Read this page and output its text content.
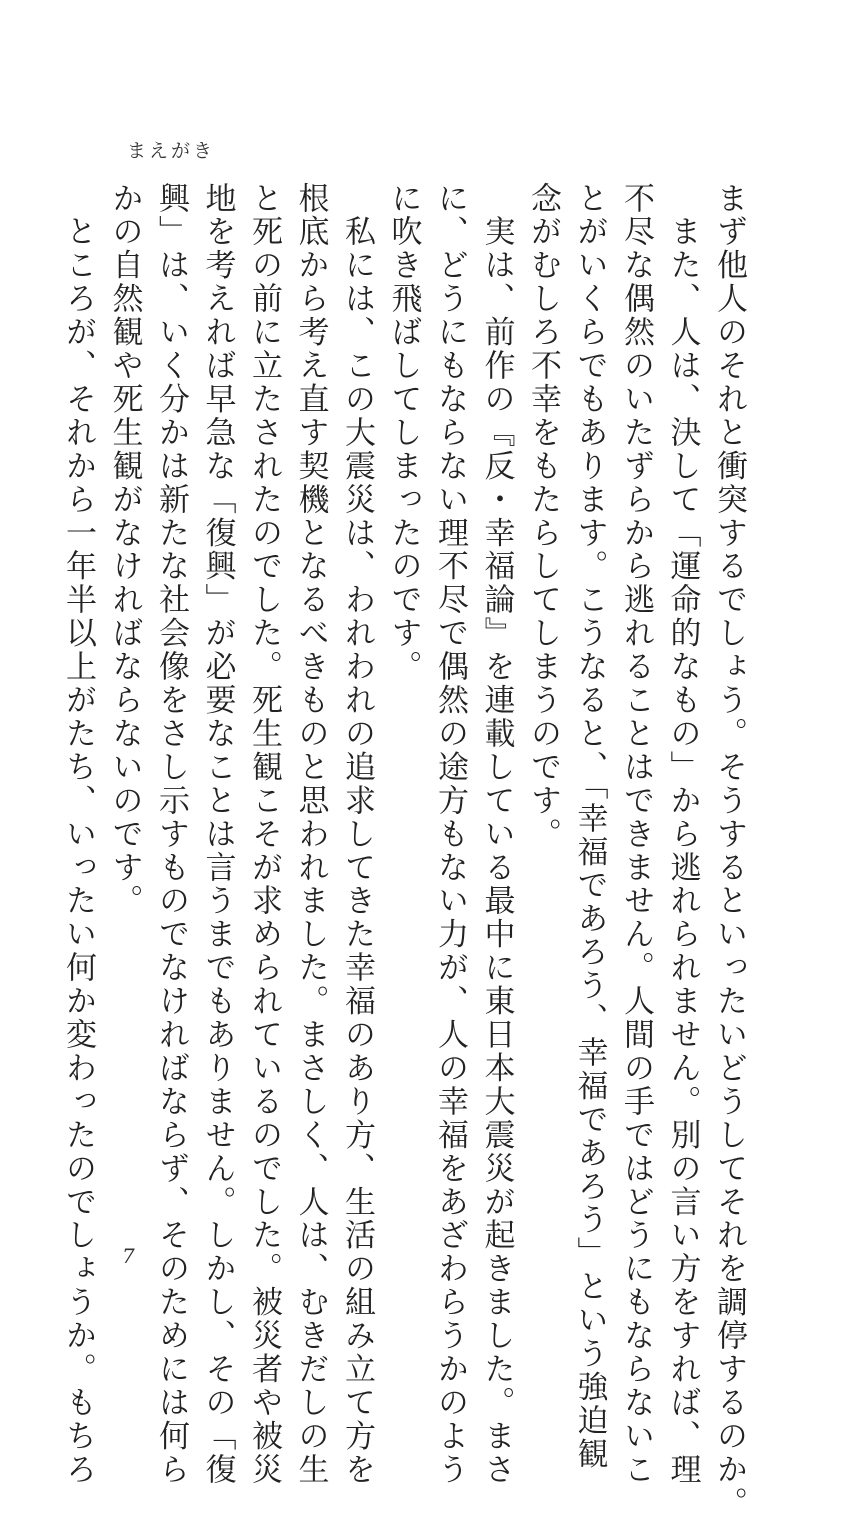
まえがき
まず他人のそれと衝突するでしょう。そうするといったいどうしてそれを調停するのか。
　また、人は、決して「運命的なもの」から逃れられません。別の言い方をすれば、理
不尽な偶然のいたずらから逃れることはできません。人間の手ではどうにもならないこ
とがいくらでもあります。こうなると、「幸福であろう、幸福であろう」という強迫観
念がむしろ不幸をもたらしてしまうのです。
　実は、前作の『反・幸福論』を連載している最中に東日本大震災が起きました。まさ
に、どうにもならない理不尽で偶然の途方もない力が、人の幸福をあざわらうかのよう
に吹き飛ばしてしまったのです。
　私には、この大震災は、われわれの追求してきた幸福のあり方、生活の組み立て方を
根底から考え直す契機となるべきものと思われました。まさしく、人は、むきだしの生
と死の前に立たされたのでした。死生観こそが求められているのでした。被災者や被災
地を考えれば早急な「復興」が必要なことは言うまでもありません。しかし、その「復
興」は、いく分かは新たな社会像をさし示すものでなければならず、そのためには何ら
かの自然観や死生観がなければならないのです。
　ところが、それから一年半以上がたち、いったい何か変わったのでしょうか。もちろ 7
